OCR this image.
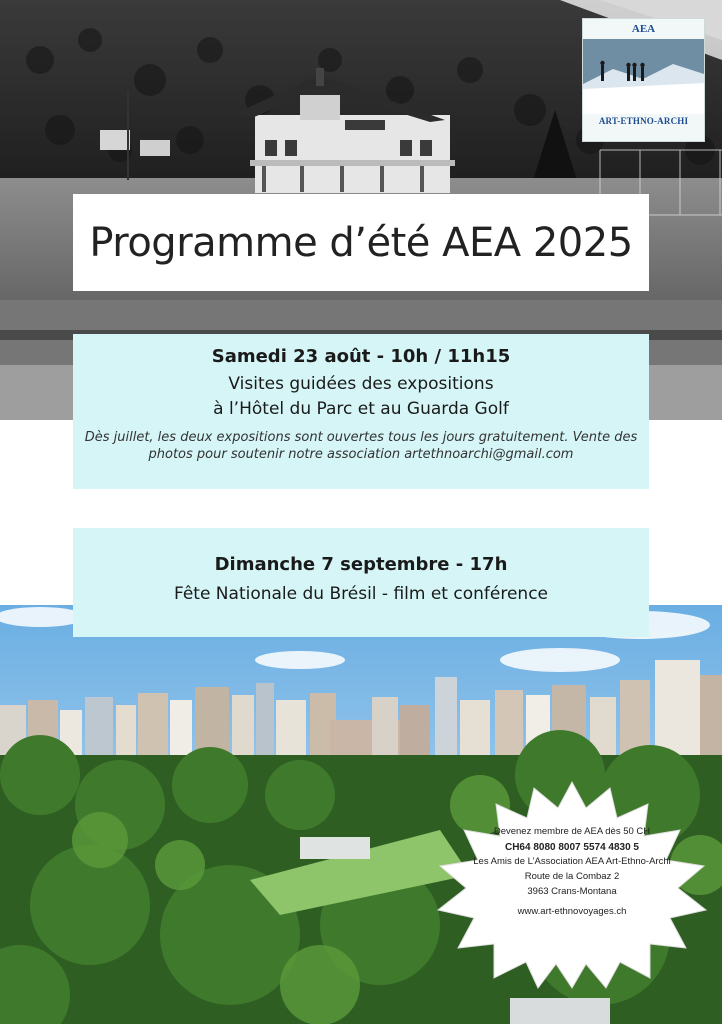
AEA
ART-ETHNO-ARCHI
Programme d’été AEA 2025
Samedi 23 août - 10h / 11h15
Visites guidées des expositions
à l’Hôtel du Parc et au Guarda Golf
Dès juillet, les deux expositions sont ouvertes tous les jours gratuitement. Vente des photos pour soutenir notre association artethnoarchi@gmail.com
Dimanche 7 septembre - 17h
Fête Nationale du Brésil - film et conférence
Devenez membre de AEA dès 50 CH
CH64 8080 8007 5574 4830 5
Les Amis de L’Association AEA Art-Ethno-Archi
Route de la Combaz 2
3963 Crans-Montana
www.art-ethnovoyages.ch
